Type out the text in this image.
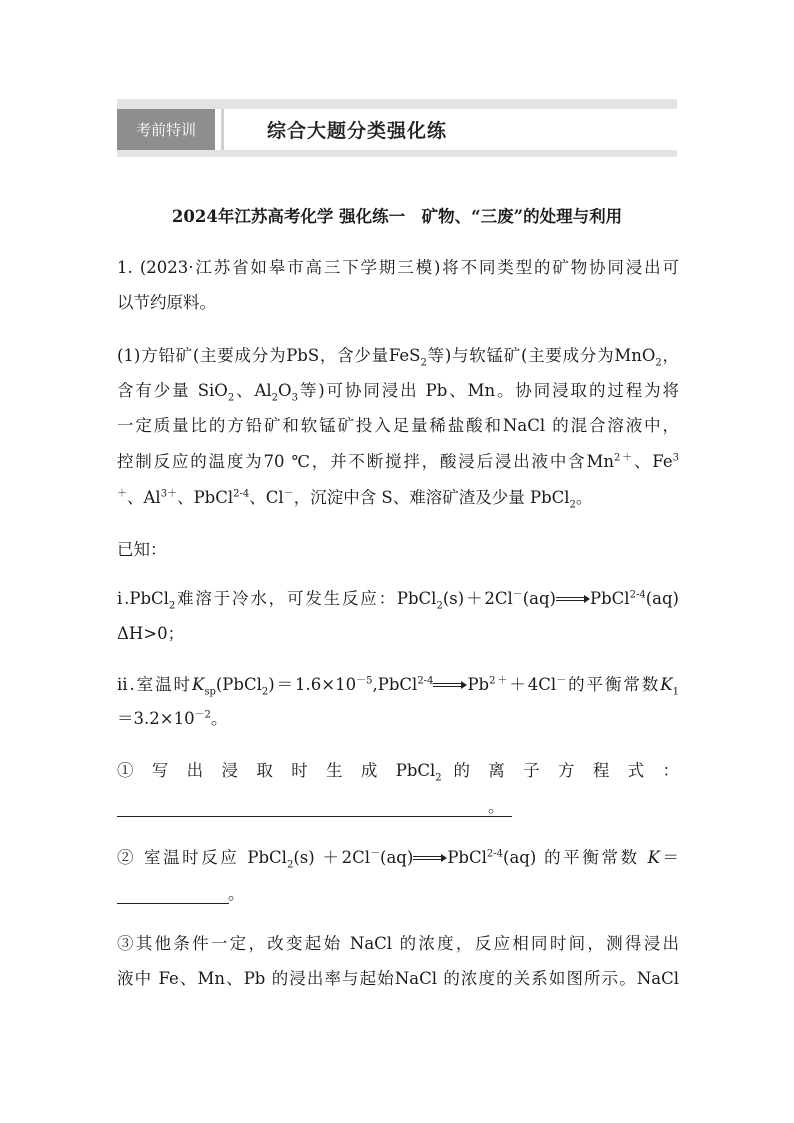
考前特训	综合大题分类强化练
2024年江苏高考化学 强化练一　矿物、“三废”的处理与利用
1. (2023·江苏省如皋市高三下学期三模)将不同类型的矿物协同浸出可
以节约原料。
(1)方铅矿(主要成分为PbS，含少量FeS$_2$等)与软锰矿(主要成分为MnO$_2$，
含有少量 SiO$_2$、$Al_2O_3$等)可协同浸出 Pb、Mn。协同浸取的过程为将
一定质量比的方铅矿和软锰矿投入足量稀盐酸和NaCl 的混合溶液中，
控制反应的温度为70 ℃，并不断搅拌，酸浸后浸出液中含$Mn^{2+}$、Fe$^3$
＋、$Al^{3+}$、PbCl$^{2-4}$、Cl－，沉淀中含 S、难溶矿渣及少量 PbCl$_2$。
已知：
ⅰ.PbCl$_2$难溶于冷水，可发生反应：PbCl$_2$(s)＋2Cl－(aq) PbCl$^{2-4}$(aq)
ΔH>0；
ⅱ.室温时$K_{sp}(PbCl_2)=1.6\times 10^{-5},PbCl^{2-4}$ $Pb^{2+}+4Cl^-$的平衡常数$K_1$
$=3.2\times 10^{-2}$。
① 写 出 浸 取 时 生 成 PbCl$_2$ 的 离 子 方 程 式 ：
。
② 室温时反应 PbCl$_2$(s) ＋2Cl－(aq) PbCl$^{2-4}$(aq) 的平衡常数 K＝
。
③其他条件一定，改变起始 NaCl 的浓度，反应相同时间，测得浸出
液中 Fe、Mn、Pb 的浸出率与起始NaCl 的浓度的关系如图所示。NaCl
